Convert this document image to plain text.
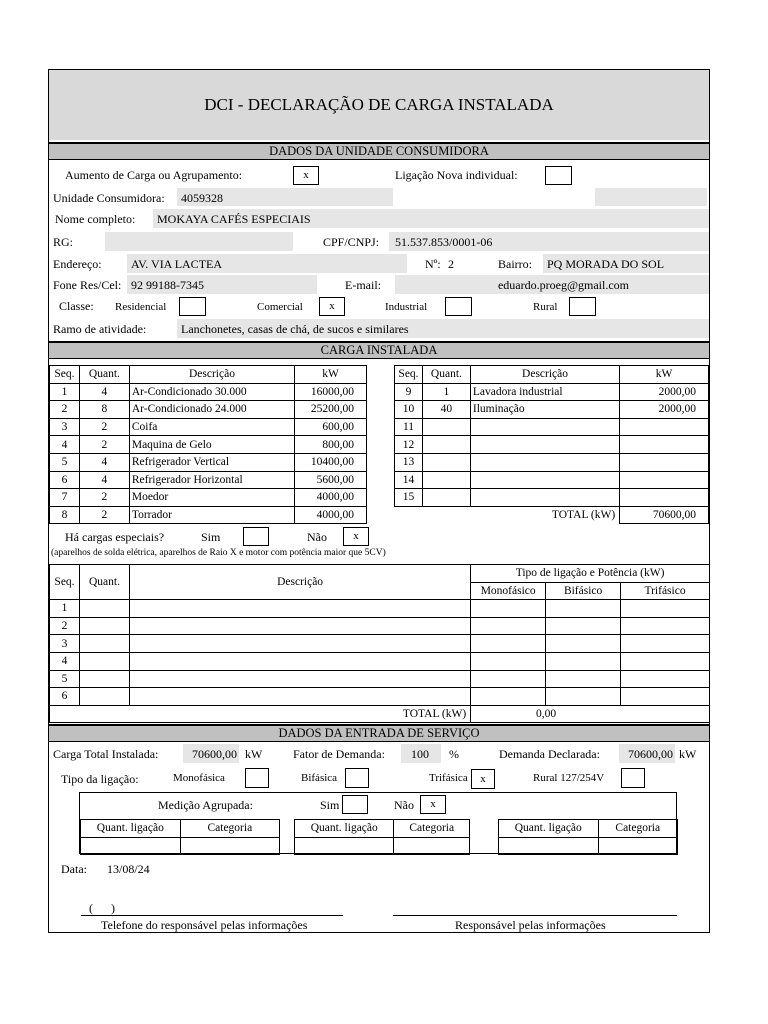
DCI - DECLARAÇÃO DE CARGA INSTALADA
DADOS DA UNIDADE CONSUMIDORA
Aumento de Carga ou Agrupamento:	x	Ligação Nova individual:
Unidade Consumidora: 4059328
Nome completo: MOKAYA CAFÉS ESPECIAIS
RG:	CPF/CNPJ: 51.537.853/0001-06
Endereço: AV. VIA LACTEA	Nº: 2	Bairro: PQ MORADA DO SOL
Fone Res/Cel: 92 99188-7345	E-mail:	eduardo.proeg@gmail.com
Classe: Residencial	Comercial	x	Industrial	Rural
Ramo de atividade:	Lanchonetes, casas de chá, de sucos e similares
CARGA INSTALADA
Seq.	Quant.	Descrição	kW
1	4	Ar-Condicionado 30.000	16000,00
2	8	Ar-Condicionado 24.000	25200,00
3	2	Coifa	600,00
4	2	Maquina de Gelo	800,00
5	4	Refrigerador Vertical	10400,00
6	4	Refrigerador Horizontal	5600,00
7	2	Moedor	4000,00
8	2	Torrador	4000,00
Seq.	Quant.	Descrição	kW
9	1	Lavadora industrial	2000,00
10	40	Iluminação	2000,00
11			
12			
13			
14			
15			
TOTAL (kW)			70600,00
Há cargas especiais?	Sim	Não	x
(aparelhos de solda elétrica, aparelhos de Raio X e motor com potência maior que 5CV)
Seq.	Quant.	Descrição	Tipo de ligação e Potência (kW)		
			Monofásico	Bifásico	Trifásico
1					
2					
3					
4					
5					
6					
TOTAL (kW)			0,00		
DADOS DA ENTRADA DE SERVIÇO
Carga Total Instalada:	70600,00 kW	Fator de Demanda: 100 %	Demanda Declarada: 70600,00 kW
Tipo da ligação:	Monofásica	Bifásica	Trifásica	x	Rural 127/254V
Medição Agrupada:	Sim	Não	x
Quant. ligação	Categoria
		Quant. ligação	Categoria
		Quant. ligação	Categoria

Data: 13/08/24
(      )
Telefone do responsável pelas informações	Responsável pelas informações
